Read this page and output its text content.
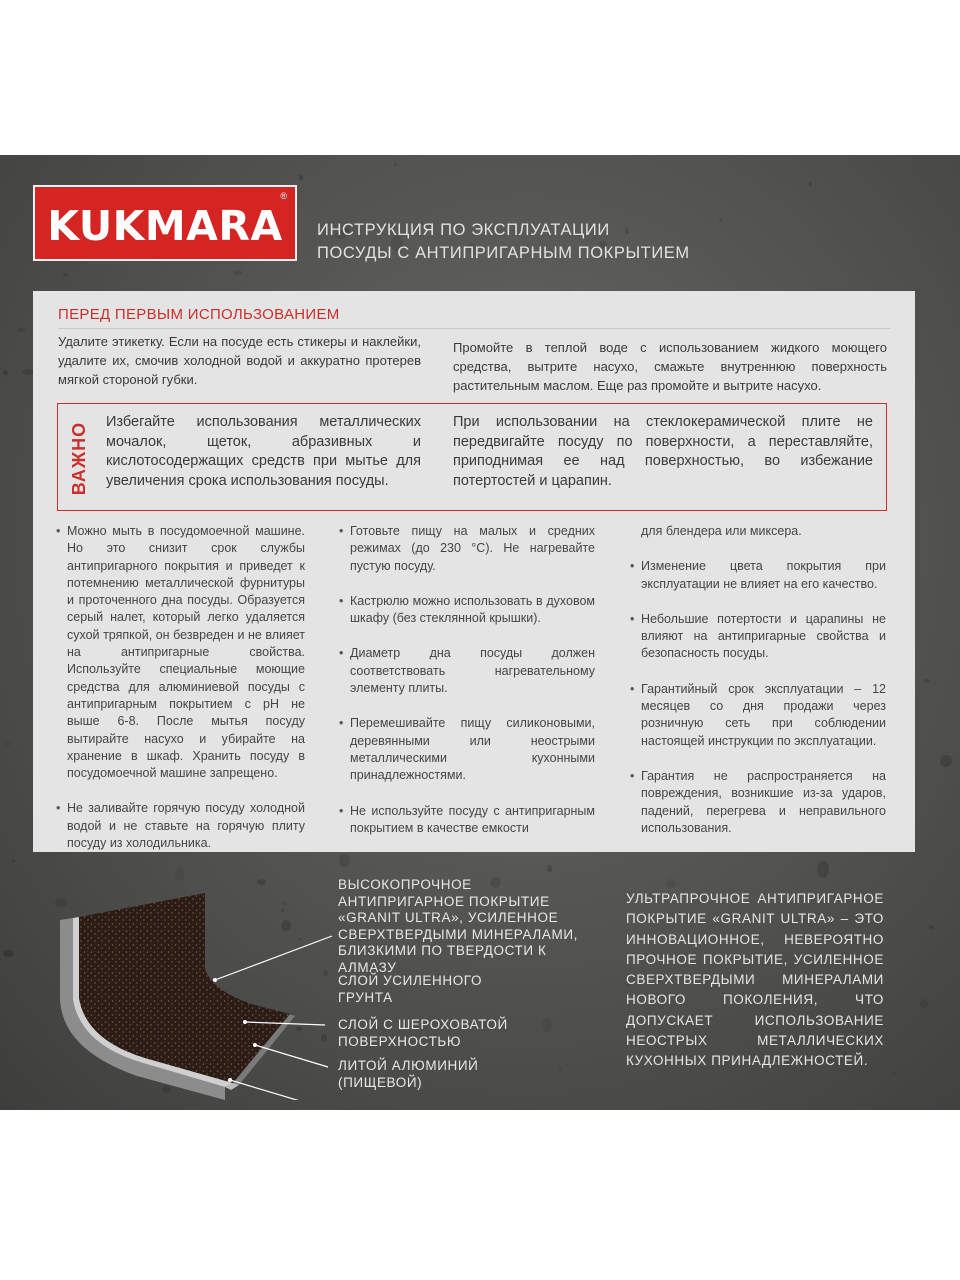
KUKMARA
®
ИНСТРУКЦИЯ ПО ЭКСПЛУАТАЦИИ
ПОСУДЫ С АНТИПРИГАРНЫМ ПОКРЫТИЕМ
ПЕРЕД ПЕРВЫМ ИСПОЛЬЗОВАНИЕМ
Удалите этикетку. Если на посуде есть стикеры и наклейки, удалите их, смочив холодной водой и аккуратно протерев мягкой стороной губки.
Промойте в теплой воде с использованием жидкого моющего средства, вытрите насухо, смажьте внутреннюю поверхность растительным маслом. Еще раз промойте и вытрите насухо.
ВАЖНО Избегайте использования металлических мочалок, щеток, абразивных и кислотосодержащих средств при мытье для увеличения срока использования посуды.
При использовании на стеклокерамической плите не передвигайте посуду по поверхности, а переставляйте, приподнимая ее над поверхностью, во избежание потертостей и царапин.
• Можно мыть в посудомоечной машине. Но это снизит срок службы антипригарного покрытия и приведет к потемнению металлической фурнитуры и проточенного дна посуды. Образуется серый налет, который легко удаляется сухой тряпкой, он безвреден и не влияет на антипригарные свойства. Используйте специальные моющие средства для алюминиевой посуды с антипригарным покрытием с pH не выше 6-8. После мытья посуду вытирайте насухо и убирайте на хранение в шкаф. Хранить посуду в посудомоечной машине запрещено.
• Не заливайте горячую посуду холодной водой и не ставьте на горячую плиту посуду из холодильника.
• Готовьте пищу на малых и средних режимах (до 230 °С). Не нагревайте пустую посуду.
• Кастрюлю можно использовать в духовом шкафу (без стеклянной крышки).
• Диаметр дна посуды должен соответствовать нагревательному элементу плиты.
• Перемешивайте пищу силиконовыми, деревянными или неострыми металлическими кухонными принадлежностями.
• Не используйте посуду с антипригарным покрытием в качестве емкости
для блендера или миксера.
• Изменение цвета покрытия при эксплуатации не влияет на его качество.
• Небольшие потертости и царапины не влияют на антипригарные свойства и безопасность посуды.
• Гарантийный срок эксплуатации – 12 месяцев со дня продажи через розничную сеть при соблюдении настоящей инструкции по эксплуатации.
• Гарантия не распространяется на повреждения, возникшие из-за ударов, падений, перегрева и неправильного использования.
ВЫСОКОПРОЧНОЕ АНТИПРИГАРНОЕ ПОКРЫТИЕ «GRANIT ULTRA», УСИЛЕННОЕ СВЕРХТВЕРДЫМИ МИНЕРАЛАМИ, БЛИЗКИМИ ПО ТВЕРДОСТИ К АЛМАЗУ
СЛОЙ УСИЛЕННОГО ГРУНТА
СЛОЙ С ШЕРОХОВАТОЙ ПОВЕРХНОСТЬЮ
ЛИТОЙ АЛЮМИНИЙ (ПИЩЕВОЙ)
УЛЬТРАПРОЧНОЕ АНТИПРИГАРНОЕ ПОКРЫТИЕ «GRANIT ULTRA» – ЭТО ИННОВАЦИОННОЕ, НЕВЕРОЯТНО ПРОЧНОЕ ПОКРЫТИЕ, УСИЛЕННОЕ СВЕРХТВЕРДЫМИ МИНЕРАЛАМИ НОВОГО ПОКОЛЕНИЯ, ЧТО ДОПУСКАЕТ ИСПОЛЬЗОВАНИЕ НЕОСТРЫХ МЕТАЛЛИЧЕСКИХ КУХОННЫХ ПРИНАДЛЕЖНОСТЕЙ.
